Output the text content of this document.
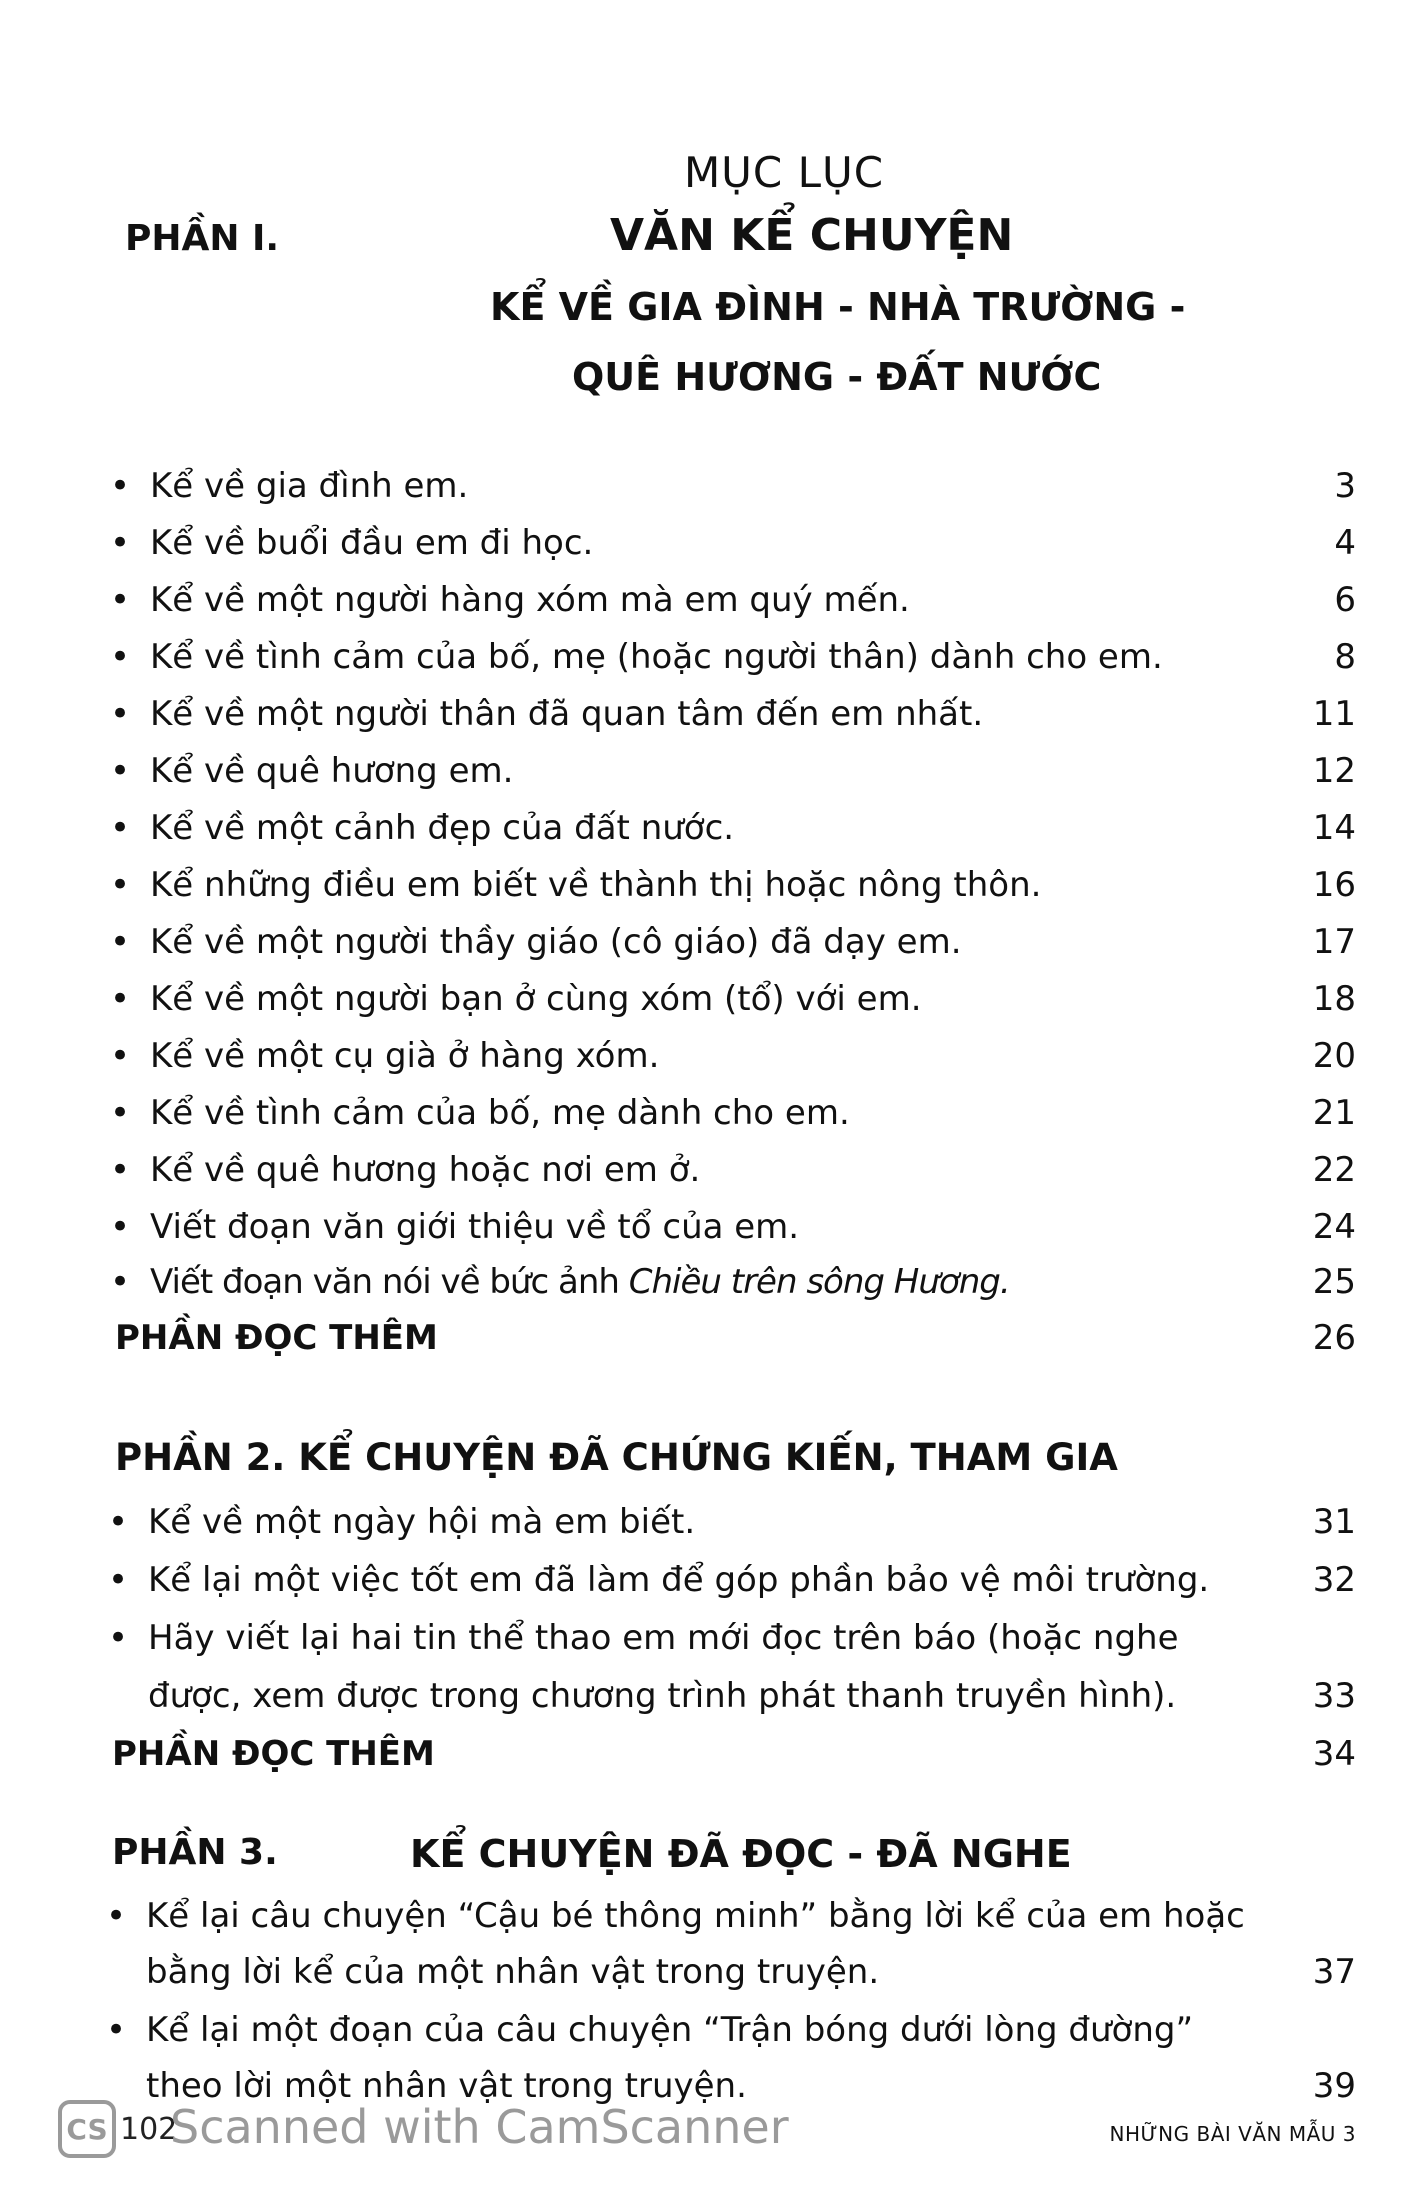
MỤC LỤC
PHẦN I.	VĂN KỂ CHUYỆN
KỂ VỀ GIA ĐÌNH - NHÀ TRƯỜNG -
QUÊ HƯƠNG - ĐẤT NƯỚC
• Kể về gia đình em.	3
• Kể về buổi đầu em đi học.	4
• Kể về một người hàng xóm mà em quý mến.	6
• Kể về tình cảm của bố, mẹ (hoặc người thân) dành cho em.	8
• Kể về một người thân đã quan tâm đến em nhất.	11
• Kể về quê hương em.	12
• Kể về một cảnh đẹp của đất nước.	14
• Kể những điều em biết về thành thị hoặc nông thôn.	16
• Kể về một người thầy giáo (cô giáo) đã dạy em.	17
• Kể về một người bạn ở cùng xóm (tổ) với em.	18
• Kể về một cụ già ở hàng xóm.	20
• Kể về tình cảm của bố, mẹ dành cho em.	21
• Kể về quê hương hoặc nơi em ở.	22
• Viết đoạn văn giới thiệu về tổ của em.	24
• Viết đoạn văn nói về bức ảnh Chiều trên sông Hương.	25
PHẦN ĐỌC THÊM	26
PHẦN 2. KỂ CHUYỆN ĐÃ CHỨNG KIẾN, THAM GIA
• Kể về một ngày hội mà em biết.	31
• Kể lại một việc tốt em đã làm để góp phần bảo vệ môi trường.	32
• Hãy viết lại hai tin thể thao em mới đọc trên báo (hoặc nghe
được, xem được trong chương trình phát thanh truyền hình).	33
PHẦN ĐỌC THÊM	34
PHẦN 3.	KỂ CHUYỆN ĐÃ ĐỌC - ĐÃ NGHE
• Kể lại câu chuyện “Cậu bé thông minh” bằng lời kể của em hoặc
bằng lời kể của một nhân vật trong truyện.	37
• Kể lại một đoạn của câu chuyện “Trận bóng dưới lòng đường”
theo lời một nhân vật trong truyện.	39
CS 102
Scanned with CamScanner	NHỮNG BÀI VĂN MẪU 3
